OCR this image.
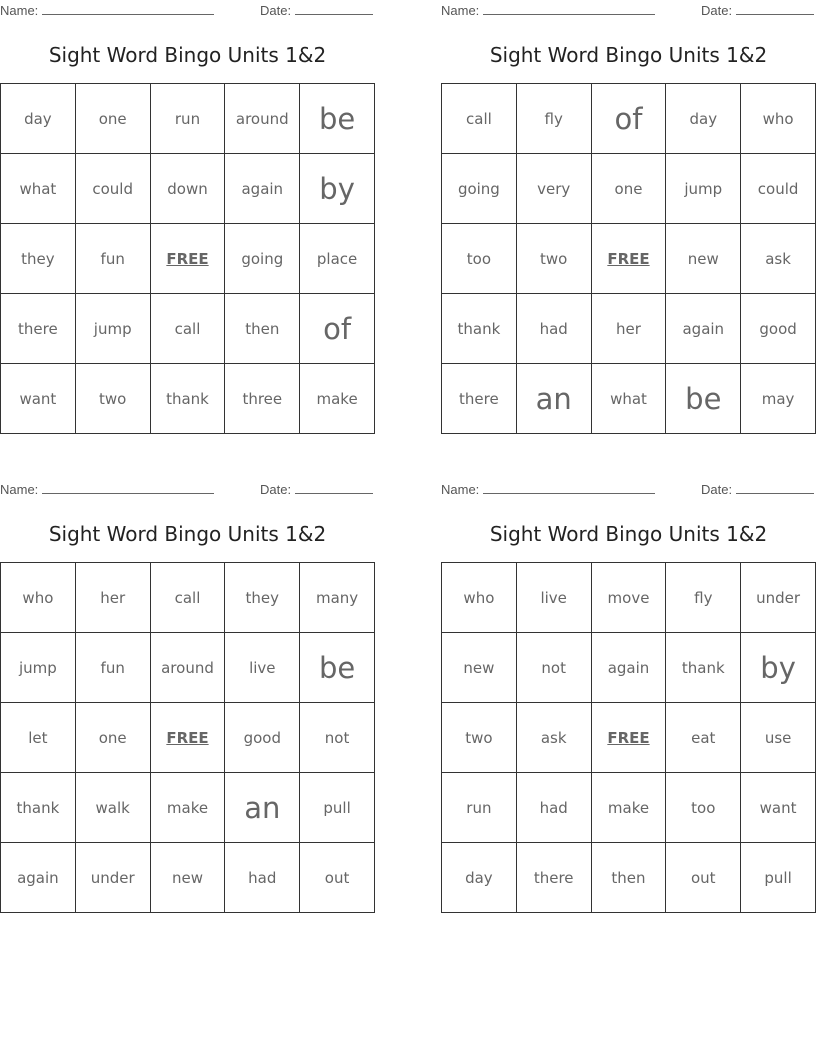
Name:	Date:
Sight Word Bingo Units 1&2
day	one	run	around	be
what	could	down	again	by
they	fun	FREE	going	place
there	jump	call	then	of
want	two	thank	three	make
Name:	Date:
Sight Word Bingo Units 1&2
call	fly	of	day	who
going	very	one	jump	could
too	two	FREE	new	ask
thank	had	her	again	good
there	an	what	be	may
Name:	Date:
Sight Word Bingo Units 1&2
who	her	call	they	many
jump	fun	around	live	be
let	one	FREE	good	not
thank	walk	make	an	pull
again	under	new	had	out
Name:	Date:
Sight Word Bingo Units 1&2
who	live	move	fly	under
new	not	again	thank	by
two	ask	FREE	eat	use
run	had	make	too	want
day	there	then	out	pull
